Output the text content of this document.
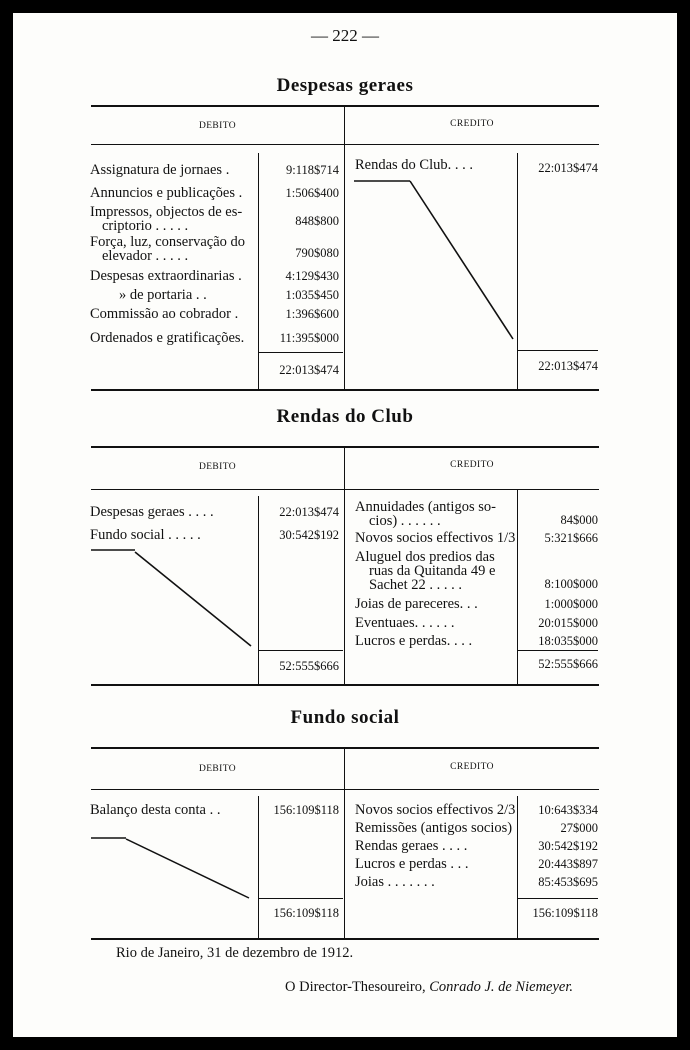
— 222 —
Despesas geraes
DEBITO	CREDITO
Assignatura de jornaes .	9:118$714
Annuncios e publicações .	1:506$400
Impressos, objectos de es-
criptorio . . . . .	848$800
Força, luz, conservação do
elevador . . . . .	790$080
Despesas extraordinarias .	4:129$430
» de portaria . .	1:035$450
Commissão ao cobrador .	1:396$600
Ordenados e gratificações.	11:395$000
22:013$474
Rendas do Club. . . .	22:013$474
22:013$474
Rendas do Club
DEBITO	CREDITO
Despesas geraes . . . .	22:013$474
Fundo social . . . . .	30:542$192
52:555$666
Annuidades (antigos so-
cios) . . . . . .	84$000
Novos socios effectivos 1/3	5:321$666
Aluguel dos predios das
ruas da Quitanda 49 e
Sachet 22 . . . . .	8:100$000
Joias de pareceres. . .	1:000$000
Eventuaes. . . . . .	20:015$000
Lucros e perdas. . . .	18:035$000
52:555$666
Fundo social
DEBITO	CREDITO
Balanço desta conta . .	156:109$118
156:109$118
Novos socios effectivos 2/3	10:643$334
Remissões (antigos socios)	27$000
Rendas geraes . . . .	30:542$192
Lucros e perdas . . .	20:443$897
Joias . . . . . . .	85:453$695
156:109$118
Rio de Janeiro, 31 de dezembro de 1912.
O Director-Thesoureiro, Conrado J. de Niemeyer.
